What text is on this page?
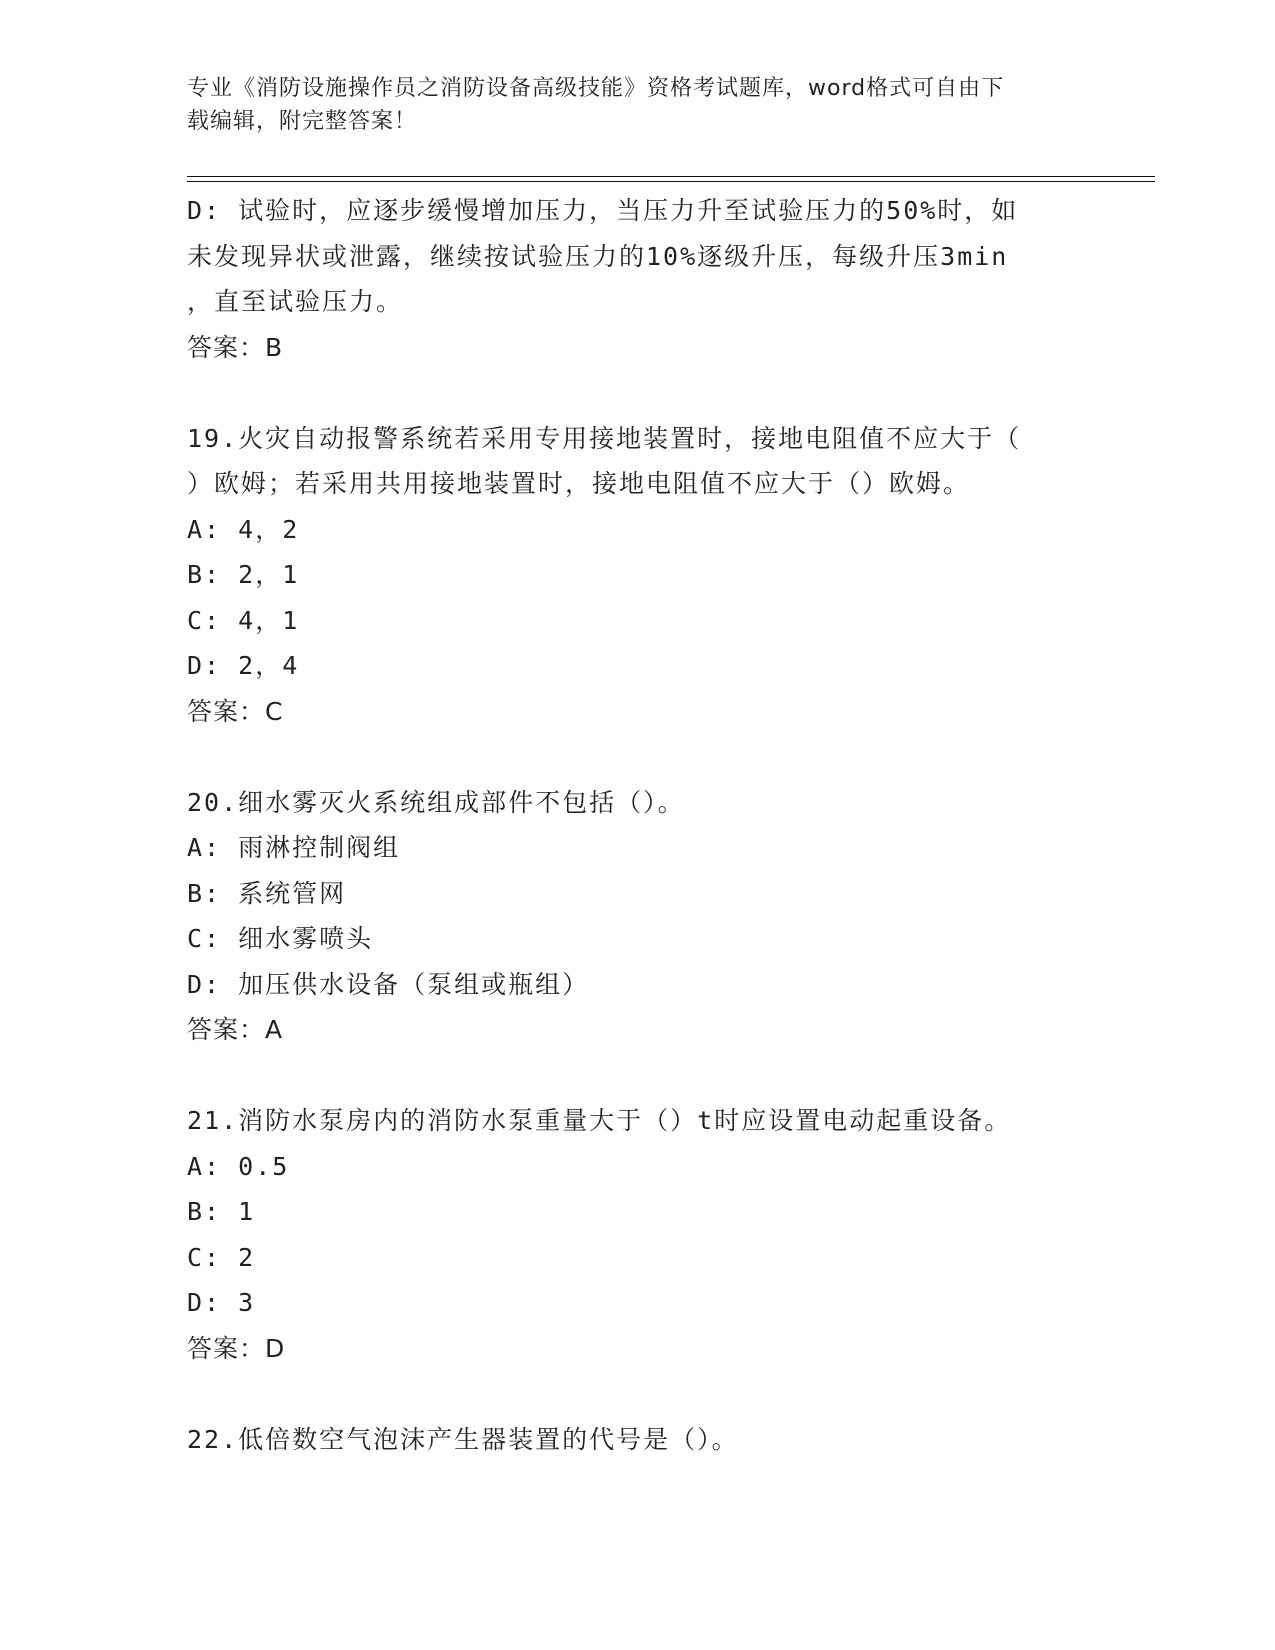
专业《消防设施操作员之消防设备高级技能》资格考试题库，word格式可自由下
载编辑，附完整答案！
D: 试验时，应逐步缓慢增加压力，当压力升至试验压力的50%时，如
未发现异状或泄露，继续按试验压力的10%逐级升压，每级升压3min
，直至试验压力。
答案：B
19.火灾自动报警系统若采用专用接地装置时，接地电阻值不应大于（
）欧姆；若采用共用接地装置时，接地电阻值不应大于（）欧姆。
A: 4，2
B: 2，1
C: 4，1
D: 2，4
答案：C
20.细水雾灭火系统组成部件不包括（）。
A: 雨淋控制阀组
B: 系统管网
C: 细水雾喷头
D: 加压供水设备（泵组或瓶组）
答案：A
21.消防水泵房内的消防水泵重量大于（）t时应设置电动起重设备。
A: 0.5
B: 1
C: 2
D: 3
答案：D
22.低倍数空气泡沫产生器装置的代号是（）。
